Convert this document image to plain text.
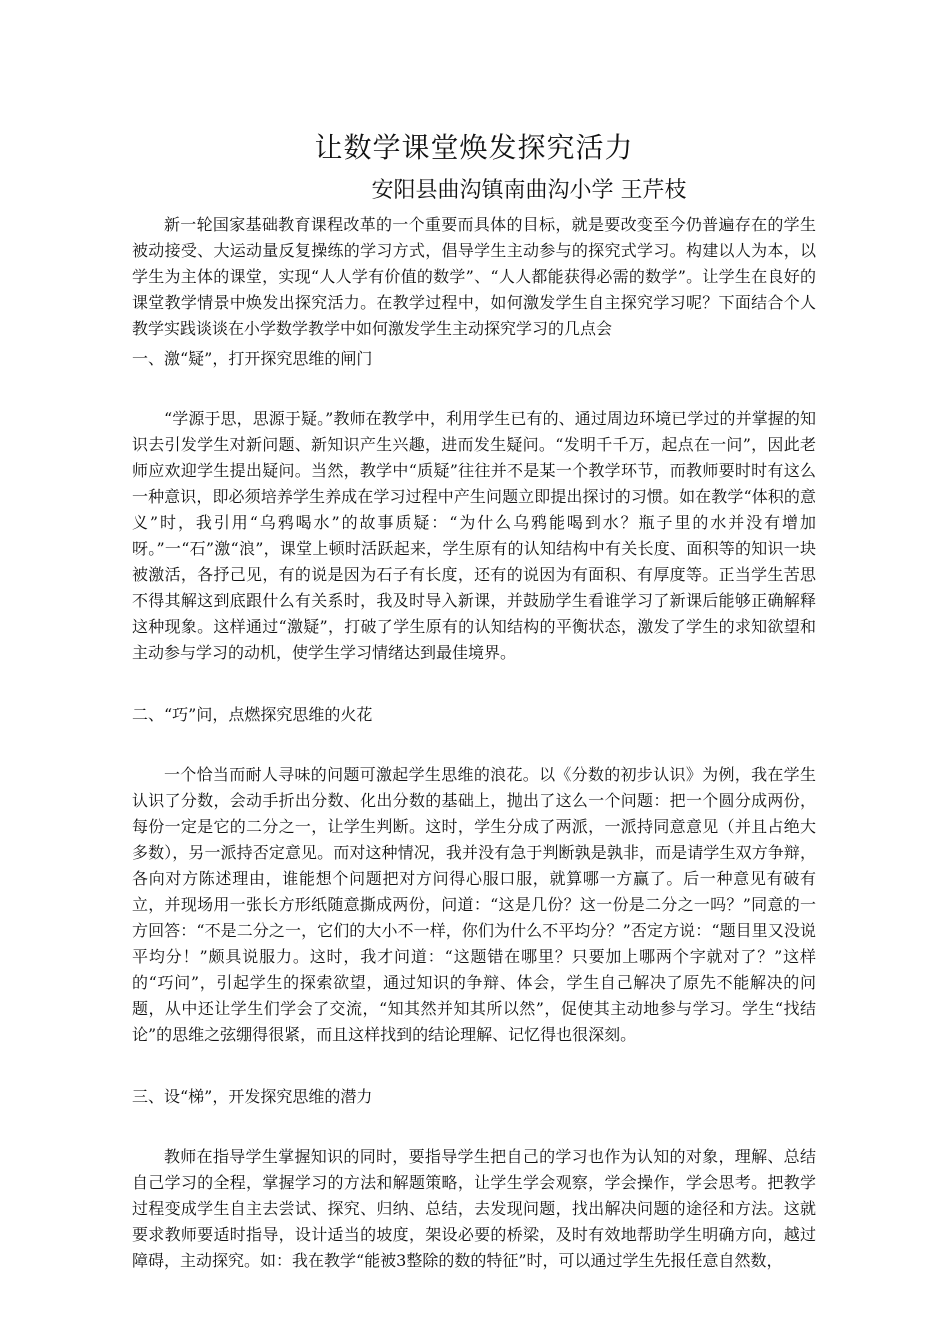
让数学课堂焕发探究活力
安阳县曲沟镇南曲沟小学 王芹枝

新一轮国家基础教育课程改革的一个重要而具体的目标，就是要改变至今仍普遍存在的学生被动接受、大运动量反复操练的学习方式，倡导学生主动参与的探究式学习。构建以人为本，以学生为主体的课堂，实现“人人学有价值的数学”、“人人都能获得必需的数学”。让学生在良好的课堂教学情景中焕发出探究活力。在教学过程中，如何激发学生自主探究学习呢？下面结合个人教学实践谈谈在小学数学教学中如何激发学生主动探究学习的几点会

一、激“疑”，打开探究思维的闸门

“学源于思，思源于疑。”教师在教学中，利用学生已有的、通过周边环境已学过的并掌握的知识去引发学生对新问题、新知识产生兴趣，进而发生疑问。“发明千千万，起点在一问”，因此老师应欢迎学生提出疑问。当然，教学中“质疑”往往并不是某一个教学环节，而教师要时时有这么一种意识，即必须培养学生养成在学习过程中产生问题立即提出探讨的习惯。如在教学“体积的意义”时，我引用“乌鸦喝水”的故事质疑：“为什么乌鸦能喝到水？瓶子里的水并没有增加呀。”一“石”激“浪”，课堂上顿时活跃起来，学生原有的认知结构中有关长度、面积等的知识一块被激活，各抒己见，有的说是因为石子有长度，还有的说因为有面积、有厚度等。正当学生苦思不得其解这到底跟什么有关系时，我及时导入新课，并鼓励学生看谁学习了新课后能够正确解释这种现象。这样通过“激疑”，打破了学生原有的认知结构的平衡状态，激发了学生的求知欲望和主动参与学习的动机，使学生学习情绪达到最佳境界。

二、“巧”问，点燃探究思维的火花

一个恰当而耐人寻味的问题可激起学生思维的浪花。以《分数的初步认识》为例，我在学生认识了分数，会动手折出分数、化出分数的基础上，抛出了这么一个问题：把一个圆分成两份，每份一定是它的二分之一，让学生判断。这时，学生分成了两派，一派持同意意见（并且占绝大多数），另一派持否定意见。而对这种情况，我并没有急于判断孰是孰非，而是请学生双方争辩，各向对方陈述理由，谁能想个问题把对方问得心服口服，就算哪一方赢了。后一种意见有破有立，并现场用一张长方形纸随意撕成两份，问道：“这是几份？这一份是二分之一吗？”同意的一方回答：“不是二分之一，它们的大小不一样，你们为什么不平均分？”否定方说：“题目里又没说平均分！”颇具说服力。这时，我才问道：“这题错在哪里？只要加上哪两个字就对了？”这样的“巧问”，引起学生的探索欲望，通过知识的争辩、体会，学生自己解决了原先不能解决的问题，从中还让学生们学会了交流，“知其然并知其所以然”，促使其主动地参与学习。学生“找结论”的思维之弦绷得很紧，而且这样找到的结论理解、记忆得也很深刻。

三、设“梯”，开发探究思维的潜力

教师在指导学生掌握知识的同时，要指导学生把自己的学习也作为认知的对象，理解、总结自己学习的全程，掌握学习的方法和解题策略，让学生学会观察，学会操作，学会思考。把教学过程变成学生自主去尝试、探究、归纳、总结，去发现问题，找出解决问题的途径和方法。这就要求教师要适时指导，设计适当的坡度，架设必要的桥梁，及时有效地帮助学生明确方向，越过障碍，主动探究。如：我在教学“能被3整除的数的特征”时，可以通过学生先报任意自然数，
